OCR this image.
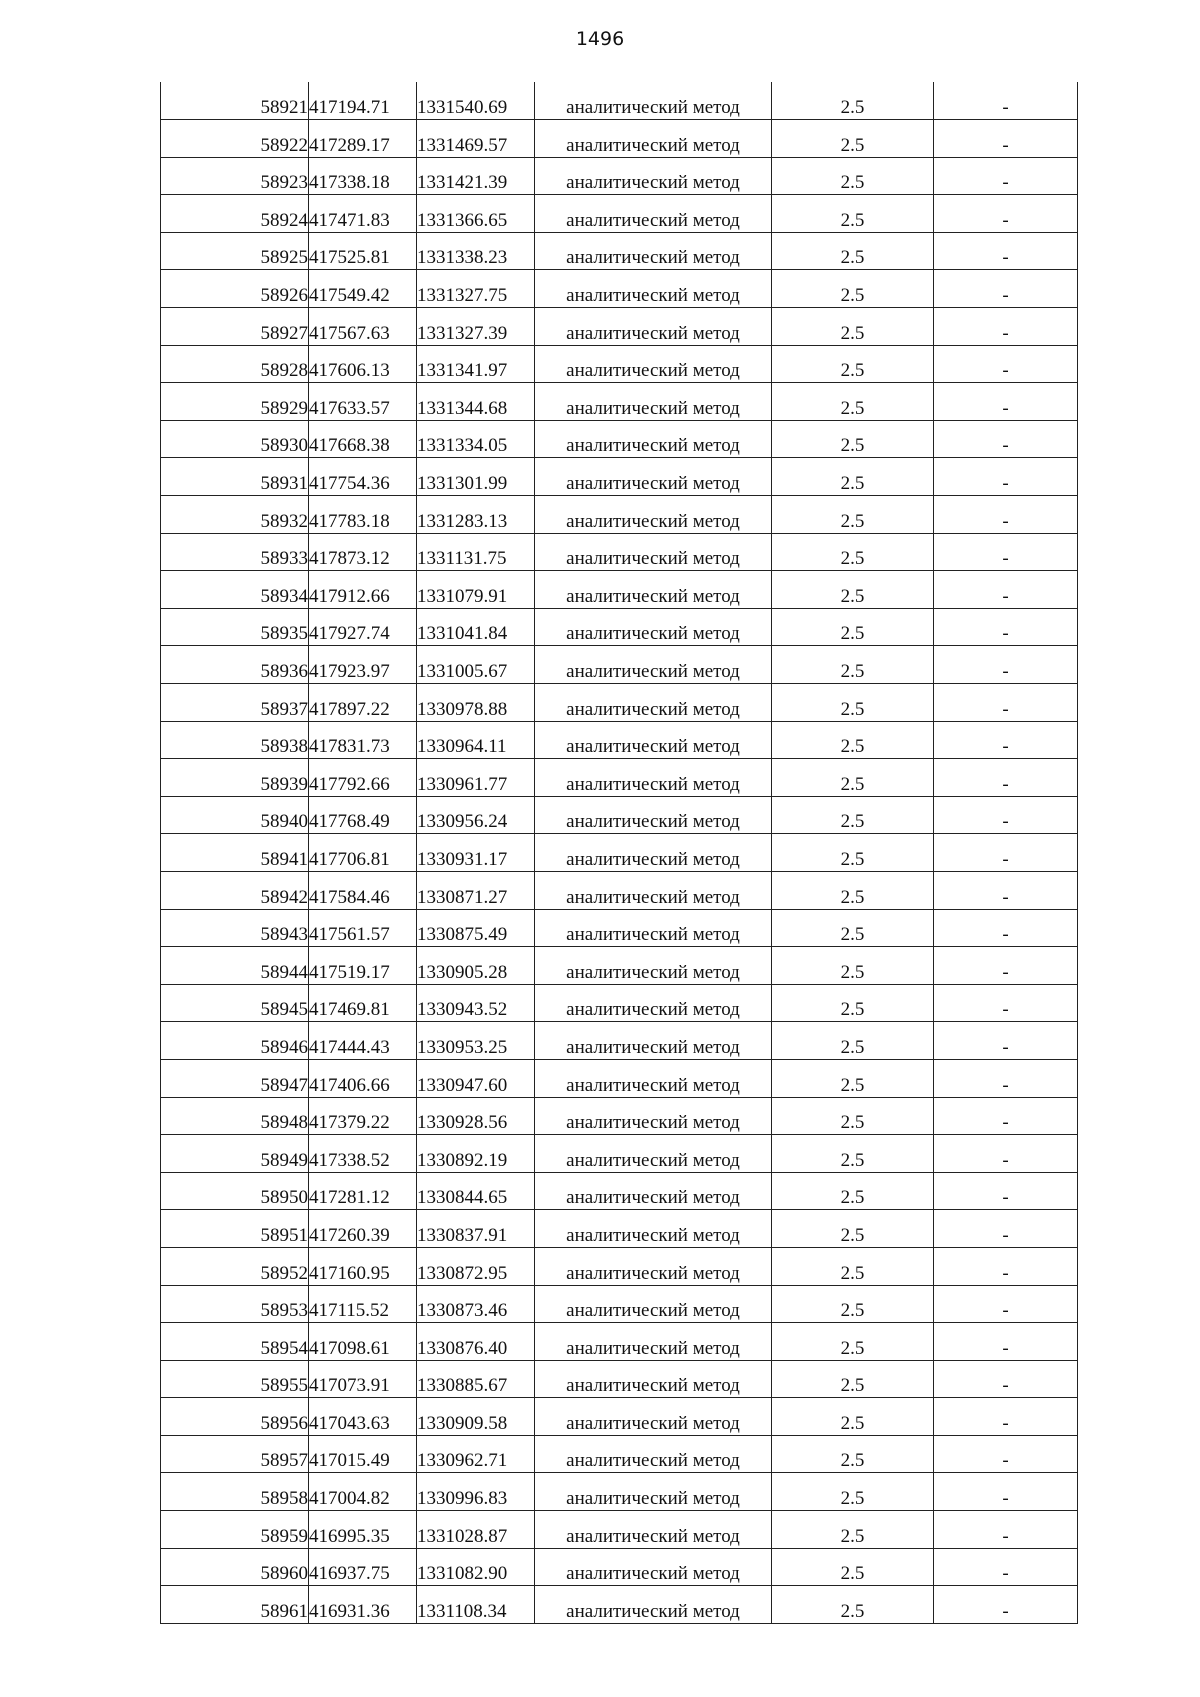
1496
58921	417194.71	1331540.69	аналитический метод	2.5	-
58922	417289.17	1331469.57	аналитический метод	2.5	-
58923	417338.18	1331421.39	аналитический метод	2.5	-
58924	417471.83	1331366.65	аналитический метод	2.5	-
58925	417525.81	1331338.23	аналитический метод	2.5	-
58926	417549.42	1331327.75	аналитический метод	2.5	-
58927	417567.63	1331327.39	аналитический метод	2.5	-
58928	417606.13	1331341.97	аналитический метод	2.5	-
58929	417633.57	1331344.68	аналитический метод	2.5	-
58930	417668.38	1331334.05	аналитический метод	2.5	-
58931	417754.36	1331301.99	аналитический метод	2.5	-
58932	417783.18	1331283.13	аналитический метод	2.5	-
58933	417873.12	1331131.75	аналитический метод	2.5	-
58934	417912.66	1331079.91	аналитический метод	2.5	-
58935	417927.74	1331041.84	аналитический метод	2.5	-
58936	417923.97	1331005.67	аналитический метод	2.5	-
58937	417897.22	1330978.88	аналитический метод	2.5	-
58938	417831.73	1330964.11	аналитический метод	2.5	-
58939	417792.66	1330961.77	аналитический метод	2.5	-
58940	417768.49	1330956.24	аналитический метод	2.5	-
58941	417706.81	1330931.17	аналитический метод	2.5	-
58942	417584.46	1330871.27	аналитический метод	2.5	-
58943	417561.57	1330875.49	аналитический метод	2.5	-
58944	417519.17	1330905.28	аналитический метод	2.5	-
58945	417469.81	1330943.52	аналитический метод	2.5	-
58946	417444.43	1330953.25	аналитический метод	2.5	-
58947	417406.66	1330947.60	аналитический метод	2.5	-
58948	417379.22	1330928.56	аналитический метод	2.5	-
58949	417338.52	1330892.19	аналитический метод	2.5	-
58950	417281.12	1330844.65	аналитический метод	2.5	-
58951	417260.39	1330837.91	аналитический метод	2.5	-
58952	417160.95	1330872.95	аналитический метод	2.5	-
58953	417115.52	1330873.46	аналитический метод	2.5	-
58954	417098.61	1330876.40	аналитический метод	2.5	-
58955	417073.91	1330885.67	аналитический метод	2.5	-
58956	417043.63	1330909.58	аналитический метод	2.5	-
58957	417015.49	1330962.71	аналитический метод	2.5	-
58958	417004.82	1330996.83	аналитический метод	2.5	-
58959	416995.35	1331028.87	аналитический метод	2.5	-
58960	416937.75	1331082.90	аналитический метод	2.5	-
58961	416931.36	1331108.34	аналитический метод	2.5	-
